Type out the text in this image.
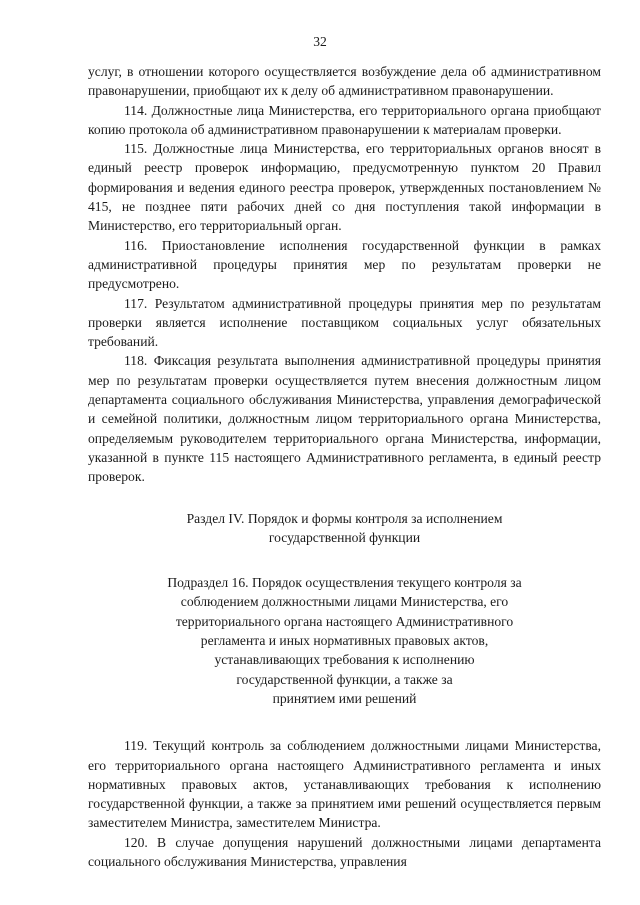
32

услуг, в отношении которого осуществляется возбуждение дела об административном правонарушении, приобщают их к делу об административном правонарушении.

114. Должностные лица Министерства, его территориального органа приобщают копию протокола об административном правонарушении к материалам проверки.

115. Должностные лица Министерства, его территориальных органов вносят в единый реестр проверок информацию, предусмотренную пунктом 20 Правил формирования и ведения единого реестра проверок, утвержденных постановлением № 415, не позднее пяти рабочих дней со дня поступления такой информации в Министерство, его территориальный орган.

116. Приостановление исполнения государственной функции в рамках административной процедуры принятия мер по результатам проверки не предусмотрено.

117. Результатом административной процедуры принятия мер по результатам проверки является исполнение поставщиком социальных услуг обязательных требований.

118. Фиксация результата выполнения административной процедуры принятия мер по результатам проверки осуществляется путем внесения должностным лицом департамента социального обслуживания Министерства, управления демографической и семейной политики, должностным лицом территориального органа Министерства, определяемым руководителем территориального органа Министерства, информации, указанной в пункте 115 настоящего Административного регламента, в единый реестр проверок.

Раздел IV. Порядок и формы контроля за исполнением
государственной функции
Подраздел 16. Порядок осуществления текущего контроля за
соблюдением должностными лицами Министерства, его
территориального органа настоящего Административного
регламента и иных нормативных правовых актов,
устанавливающих требования к исполнению
государственной функции, а также за
принятием ими решений

119. Текущий контроль за соблюдением должностными лицами Министерства, его территориального органа настоящего Административного регламента и иных нормативных правовых актов, устанавливающих требования к исполнению государственной функции, а также за принятием ими решений осуществляется первым заместителем Министра, заместителем Министра.

120. В случае допущения нарушений должностными лицами департамента социального обслуживания Министерства, управления
